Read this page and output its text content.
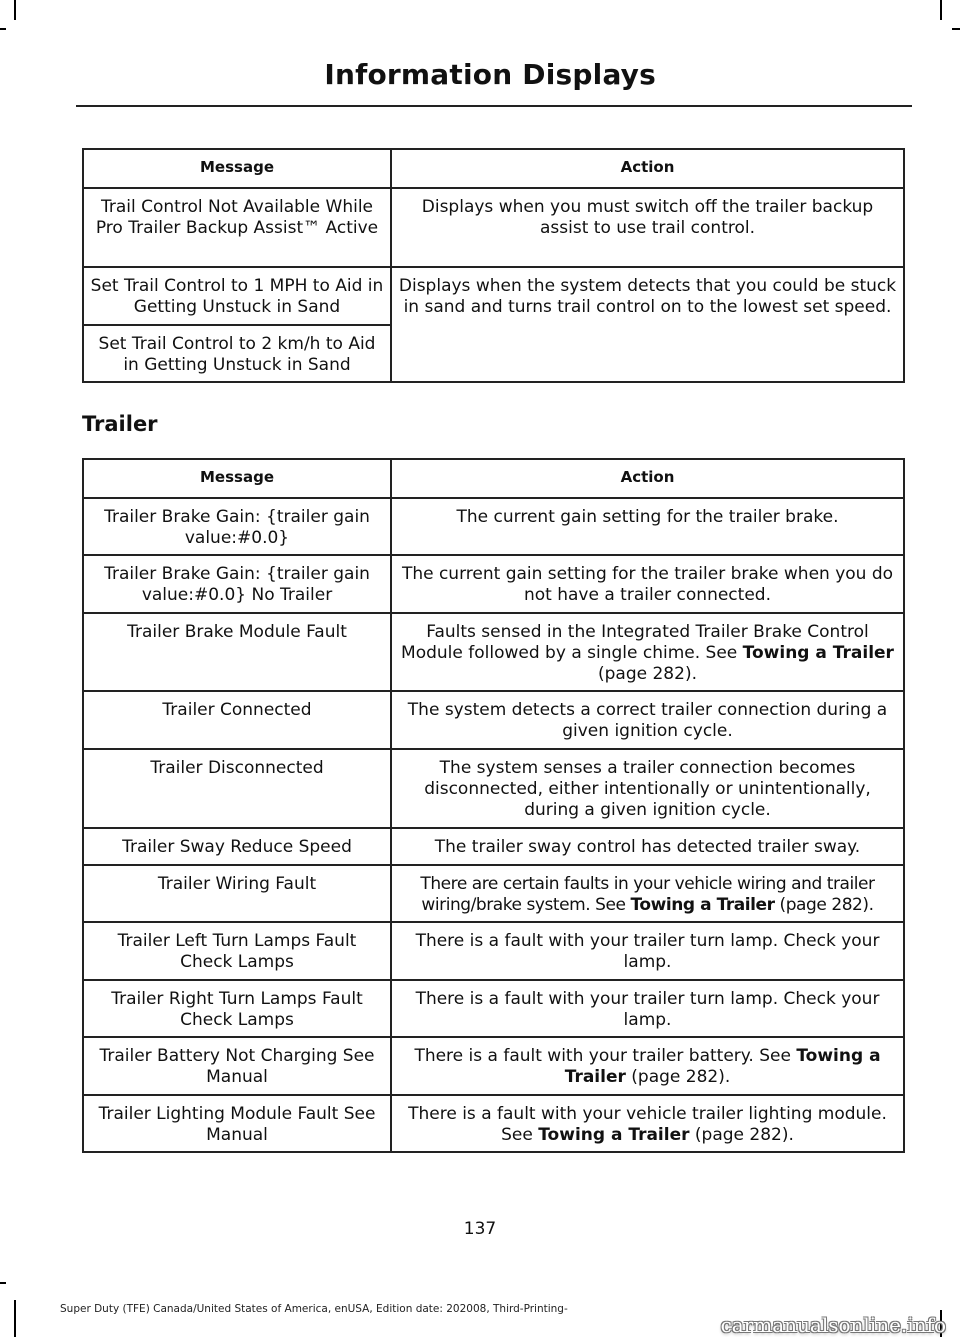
Information Displays
Message	Action
Trail Control Not Available While Pro Trailer Backup Assist™ Active	Displays when you must switch off the trailer backup assist to use trail control.
Set Trail Control to 1 MPH to Aid in Getting Unstuck in Sand	Displays when the system detects that you could be stuck in sand and turns trail control on to the lowest set speed.
Set Trail Control to 2 km/h to Aid in Getting Unstuck in Sand	
Trailer
Message	Action
Trailer Brake Gain: {trailer gain value:#0.0}	The current gain setting for the trailer brake.
Trailer Brake Gain: {trailer gain value:#0.0} No Trailer	The current gain setting for the trailer brake when you do not have a trailer connected.
Trailer Brake Module Fault	Faults sensed in the Integrated Trailer Brake Control Module followed by a single chime. See Towing a Trailer (page 282).
Trailer Connected	The system detects a correct trailer connection during a given ignition cycle.
Trailer Disconnected	The system senses a trailer connection becomes disconnected, either intentionally or unintentionally, during a given ignition cycle.
Trailer Sway Reduce Speed	The trailer sway control has detected trailer sway.
Trailer Wiring Fault	There are certain faults in your vehicle wiring and trailer wiring/brake system. See Towing a Trailer (page 282).
Trailer Left Turn Lamps Fault Check Lamps	There is a fault with your trailer turn lamp. Check your lamp.
Trailer Right Turn Lamps Fault Check Lamps	There is a fault with your trailer turn lamp. Check your lamp.
Trailer Battery Not Charging See Manual	There is a fault with your trailer battery. See Towing a Trailer (page 282).
Trailer Lighting Module Fault See Manual	There is a fault with your vehicle trailer lighting module. See Towing a Trailer (page 282).
137
Super Duty (TFE) Canada/United States of America, enUSA, Edition date: 202008, Third-Printing-
carmanualsonline.info
